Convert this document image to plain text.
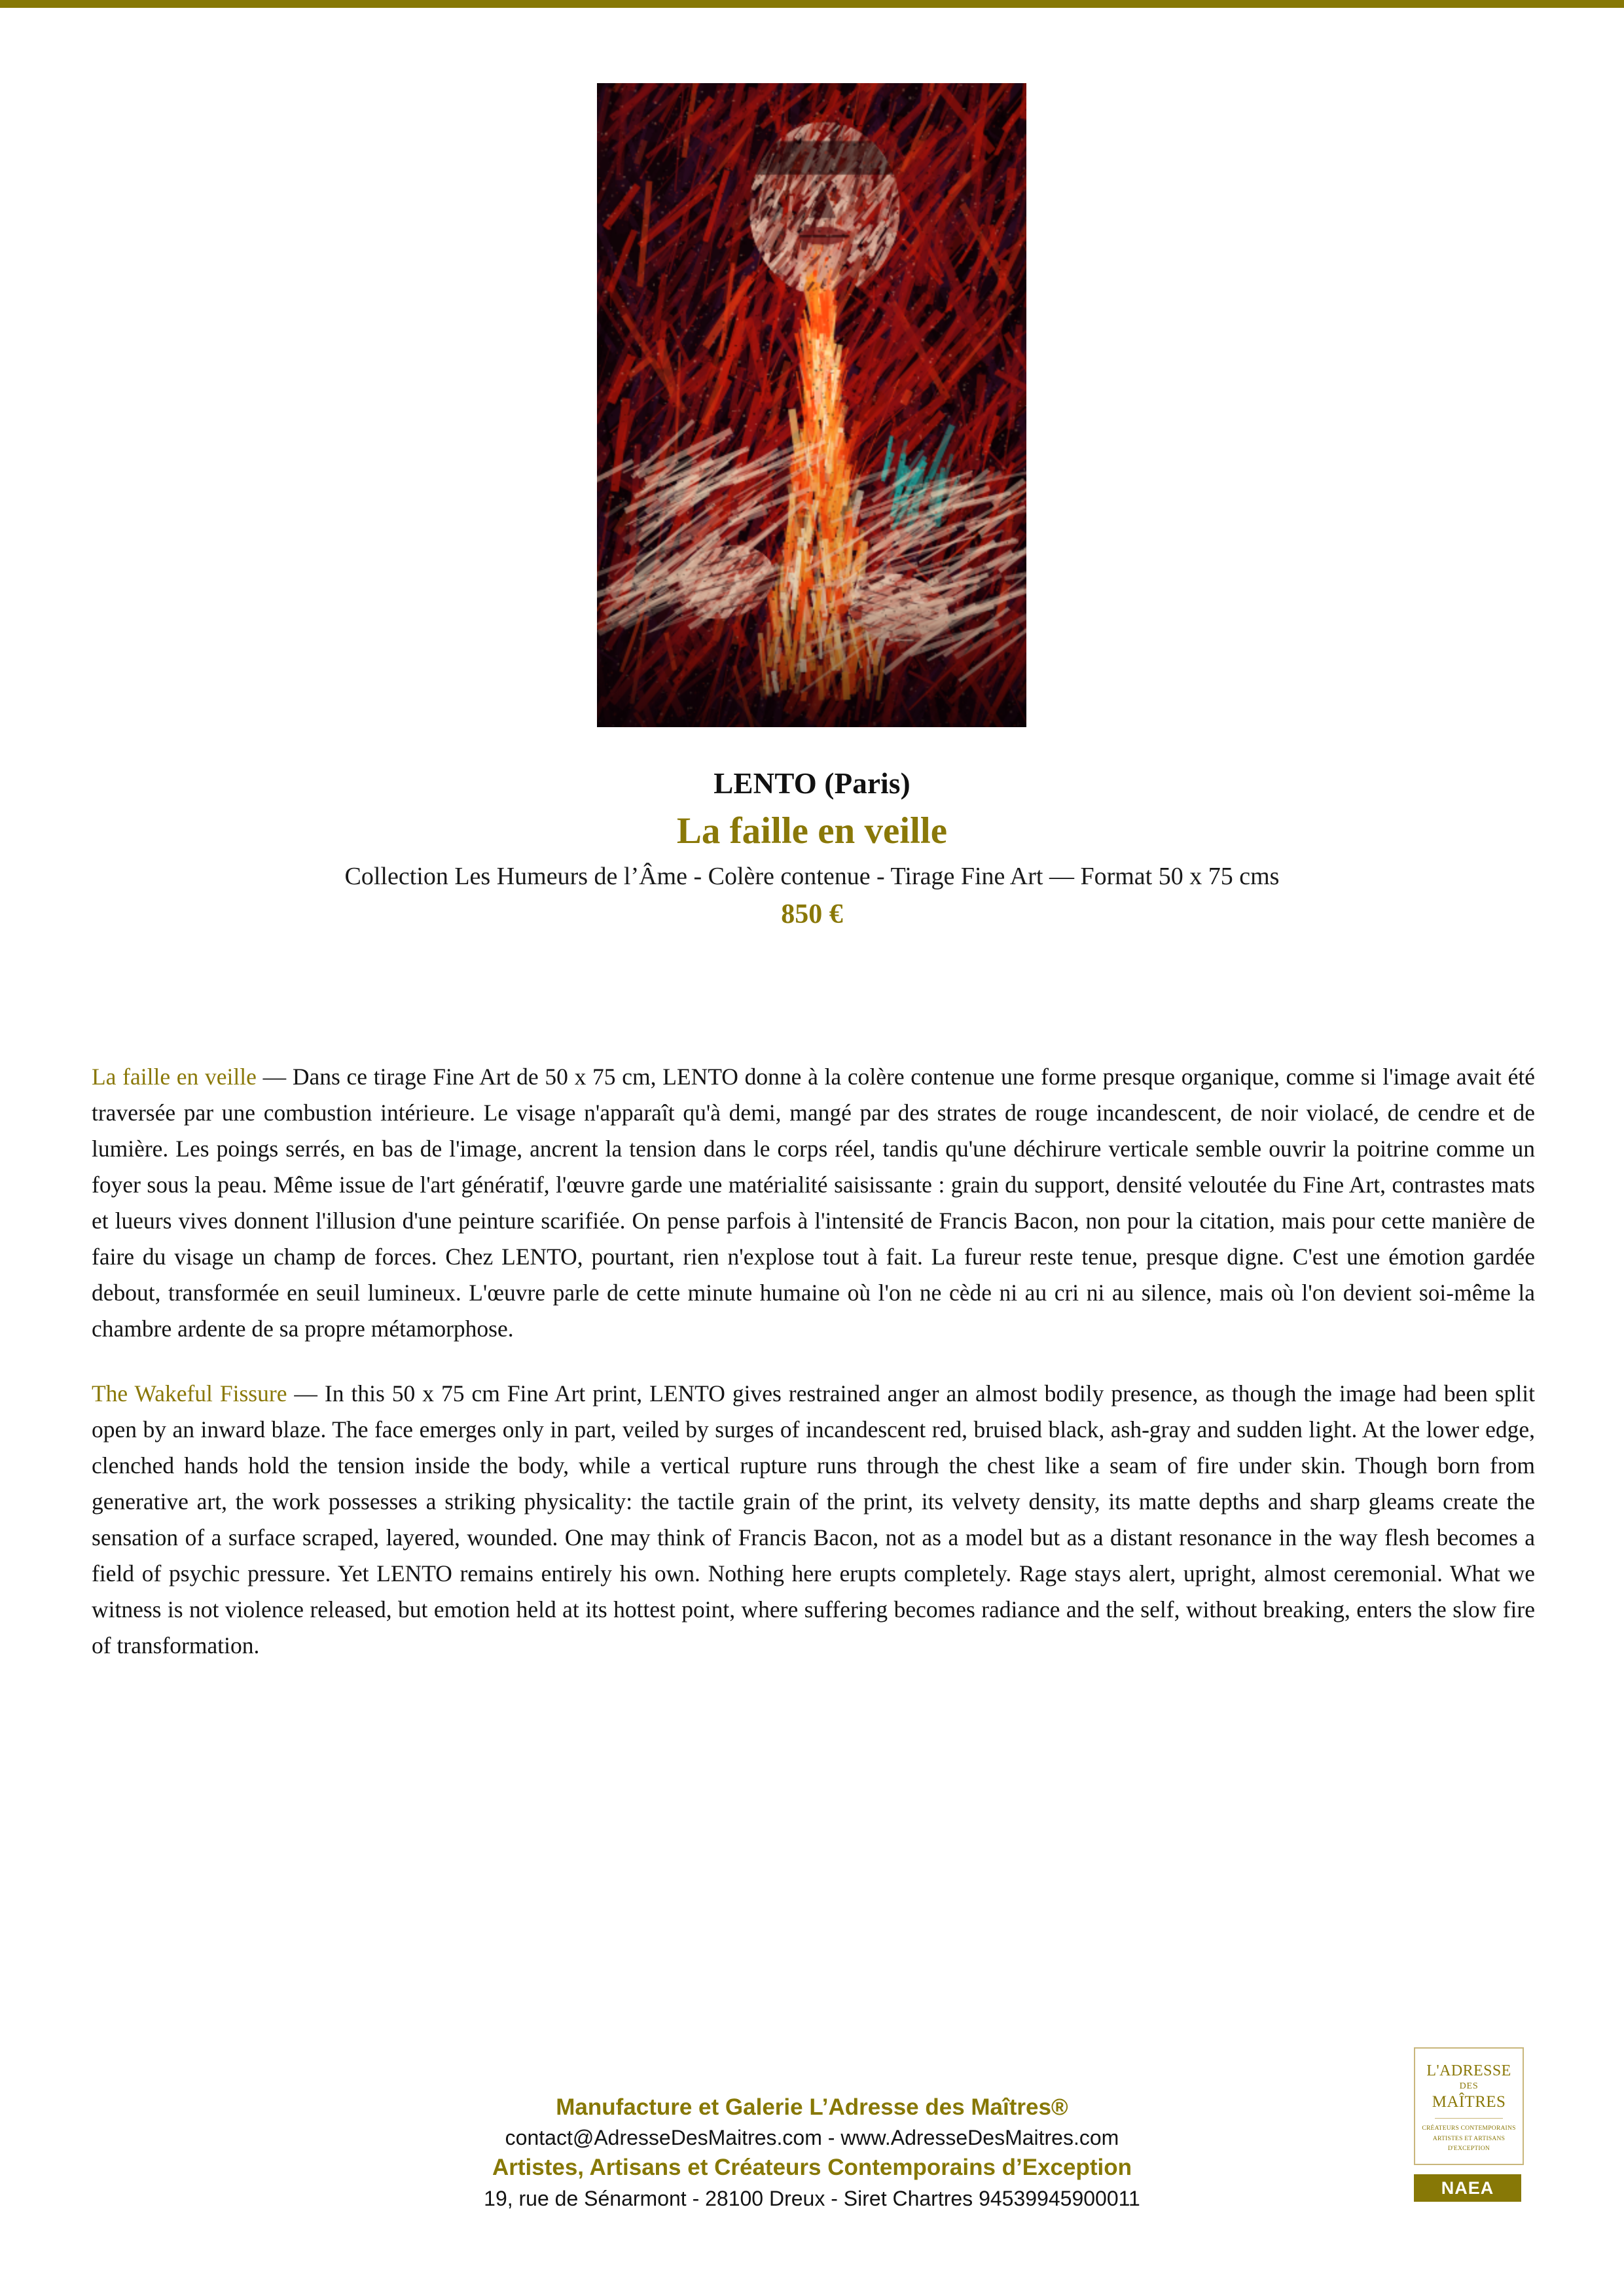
LENTO (Paris)
La faille en veille
Collection Les Humeurs de l’Âme - Colère contenue - Tirage Fine Art — Format 50 x 75 cms
850 €

La faille en veille — Dans ce tirage Fine Art de 50 x 75 cm, LENTO donne à la colère contenue une forme presque organique, comme si l'image avait été traversée par une combustion intérieure. Le visage n'apparaît qu'à demi, mangé par des strates de rouge incandescent, de noir violacé, de cendre et de lumière. Les poings serrés, en bas de l'image, ancrent la tension dans le corps réel, tandis qu'une déchirure verticale semble ouvrir la poitrine comme un foyer sous la peau. Même issue de l'art génératif, l'œuvre garde une matérialité saisissante : grain du support, densité veloutée du Fine Art, contrastes mats et lueurs vives donnent l'illusion d'une peinture scarifiée. On pense parfois à l'intensité de Francis Bacon, non pour la citation, mais pour cette manière de faire du visage un champ de forces. Chez LENTO, pourtant, rien n'explose tout à fait. La fureur reste tenue, presque digne. C'est une émotion gardée debout, transformée en seuil lumineux. L'œuvre parle de cette minute humaine où l'on ne cède ni au cri ni au silence, mais où l'on devient soi-même la chambre ardente de sa propre métamorphose.

The Wakeful Fissure — In this 50 x 75 cm Fine Art print, LENTO gives restrained anger an almost bodily presence, as though the image had been split open by an inward blaze. The face emerges only in part, veiled by surges of incandescent red, bruised black, ash-gray and sudden light. At the lower edge, clenched hands hold the tension inside the body, while a vertical rupture runs through the chest like a seam of fire under skin. Though born from generative art, the work possesses a striking physicality: the tactile grain of the print, its velvety density, its matte depths and sharp gleams create the sensation of a surface scraped, layered, wounded. One may think of Francis Bacon, not as a model but as a distant resonance in the way flesh becomes a field of psychic pressure. Yet LENTO remains entirely his own. Nothing here erupts completely. Rage stays alert, upright, almost ceremonial. What we witness is not violence released, but emotion held at its hottest point, where suffering becomes radiance and the self, without breaking, enters the slow fire of transformation.

Manufacture et Galerie L’Adresse des Maîtres®
contact@AdresseDesMaitres.com - www.AdresseDesMaitres.com
Artistes, Artisans et Créateurs Contemporains d’Exception
19, rue de Sénarmont - 28100 Dreux - Siret Chartres 94539945900011
L'ADRESSE
DES
MAÎTRES
CRÉATEURS CONTEMPORAINS
ARTISTES ET ARTISANS
D'EXCEPTION
NAEA
